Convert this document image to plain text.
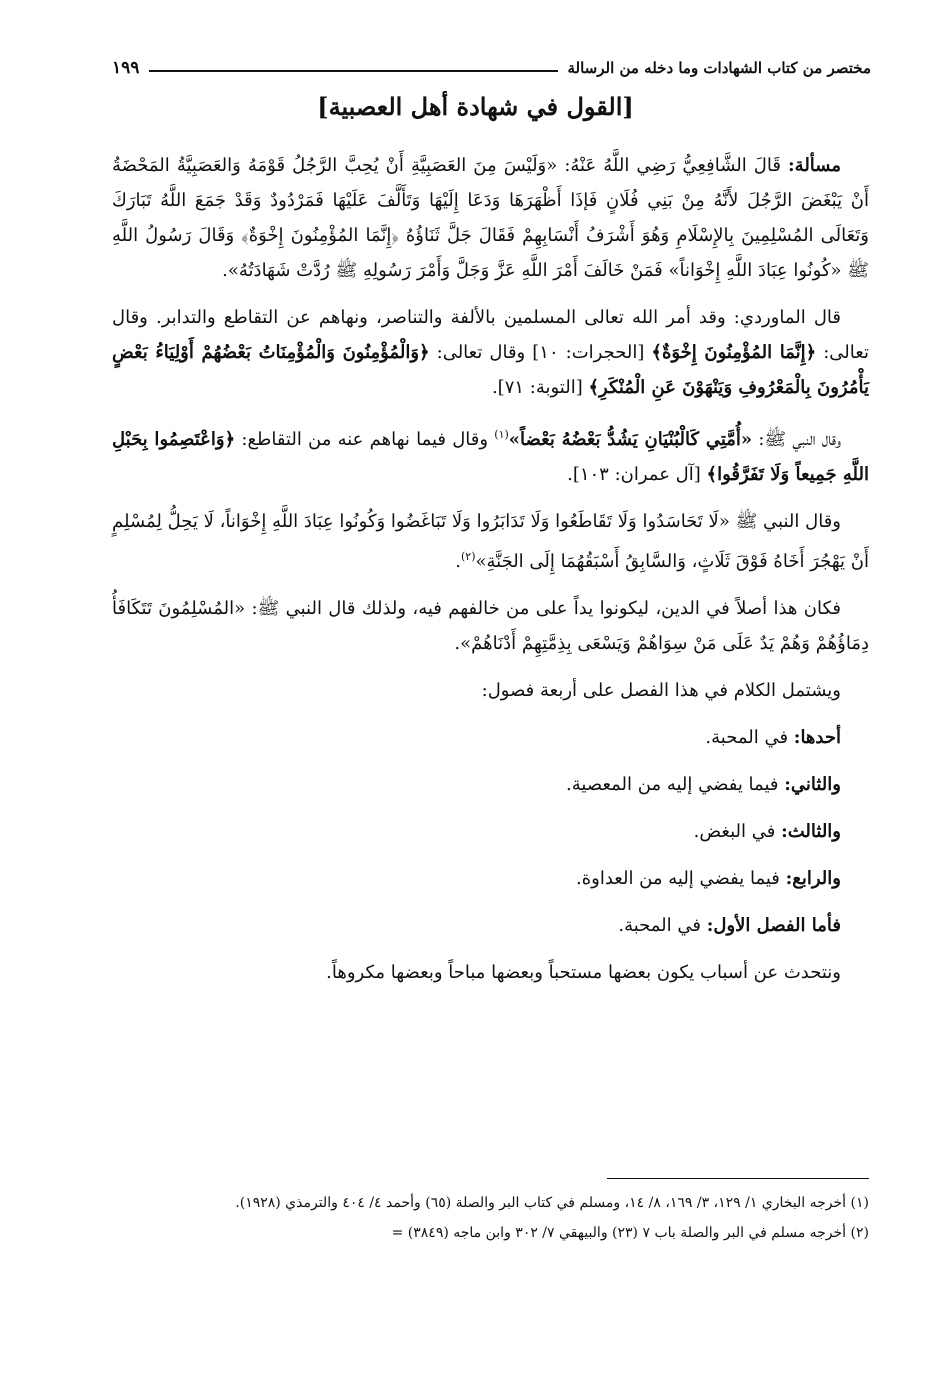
مختصر من كتاب الشهادات وما دخله من الرسالة
١٩٩
[القول في شهادة أهل العصبية]

مسألة: قَالَ الشَّافِعِيُّ رَضِي اللَّهُ عَنْهُ: «وَلَيْسَ مِنَ العَصَبِيَّةِ أَنْ يُحِبَّ الرَّجُلُ قَوْمَهُ وَالعَصَبِيَّةُ المَحْضَةُ أَنْ يَبْغَضَ الرَّجُلَ لأَنَّهُ مِنْ بَنِي فُلَانٍ فَإذَا أَظْهَرَهَا وَدَعَا إِلَيْهَا وَتَأَلَّفَ عَلَيْهَا فَمَرْدُودٌ وَقَدْ جَمَعَ اللَّهُ تَبَارَكَ وَتَعَالَى المُسْلِمِينَ بِالإِسْلَامِ وَهُوَ أَشْرَفُ أَنْسَابِهِمْ فَقَالَ جَلَّ ثَنَاؤُهُ ﴿إِنَّمَا المُؤْمِنُونَ إِخْوَةٌ﴾ وَقَالَ رَسُولُ اللَّهِ ﷺ «كُونُوا عِبَادَ اللَّهِ إِخْوَاناً» فَمَنْ خَالَفَ أَمْرَ اللَّهِ عَزَّ وَجَلَّ وَأَمْرَ رَسُولِهِ ﷺ رُدَّتْ شَهَادَتُهُ».

قال الماوردي: وقد أمر الله تعالى المسلمين بالألفة والتناصر، ونهاهم عن التقاطع والتدابر. وقال تعالى: ﴿إِنَّمَا المُؤْمِنُونَ إِخْوَةٌ﴾ [الحجرات: ١٠] وقال تعالى: ﴿وَالْمُؤْمِنُونَ وَالْمُؤْمِنَاتُ بَعْضُهُمْ أَوْلِيَاءُ بَعْضٍ يَأْمُرُونَ بِالْمَعْرُوفِ وَيَنْهَوْنَ عَنِ الْمُنْكَرِ﴾ [التوبة: ٧١].

وقال النبي ﷺ: «أُمَّتِي كَالْبُنْيَانِ يَشُدُّ بَعْضُهُ بَعْضاً»$^{(١)}$ وقال فيما نهاهم عنه من التقاطع: ﴿وَاعْتَصِمُوا بِحَبْلِ اللَّهِ جَمِيعاً وَلَا تَفَرَّقُوا﴾ [آل عمران: ١٠٣].

وقال النبي ﷺ «لَا تَحَاسَدُوا وَلَا تَقَاطَعُوا وَلَا تَدَابَرُوا وَلَا تَبَاغَضُوا وَكُونُوا عِبَادَ اللَّهِ إِخْوَاناً، لَا يَحِلُّ لِمُسْلِمٍ أَنْ يَهْجُرَ أَخَاهُ فَوْقَ ثَلَاثٍ، وَالسَّابِقُ أَسْبَقُهُمَا إِلَى الجَنَّةِ»$^{(٢)}$.

فكان هذا أصلاً في الدين، ليكونوا يداً على من خالفهم فيه، ولذلك قال النبي ﷺ: «المُسْلِمُونَ تَتَكَافَأُ دِمَاؤُهُمْ وَهُمْ يَدٌ عَلَى مَنْ سِوَاهُمْ وَيَسْعَى بِذِمَّتِهِمْ أَدْنَاهُمْ».

ويشتمل الكلام في هذا الفصل على أربعة فصول:

أحدها: في المحبة.

والثاني: فيما يفضي إليه من المعصية.

والثالث: في البغض.

والرابع: فيما يفضي إليه من العداوة.

فأما الفصل الأول: في المحبة.

ونتحدث عن أسباب يكون بعضها مستحباً وبعضها مباحاً وبعضها مكروهاً.

(١) أخرجه البخاري ١/ ١٢٩، ٣/ ١٦٩، ٨/ ١٤، ومسلم في كتاب البر والصلة (٦٥) وأحمد ٤/ ٤٠٤ والترمذي (١٩٢٨).

(٢) أخرجه مسلم في البر والصلة باب ٧ (٢٣) والبيهقي ٧/ ٣٠٢ وابن ماجه (٣٨٤٩) =
